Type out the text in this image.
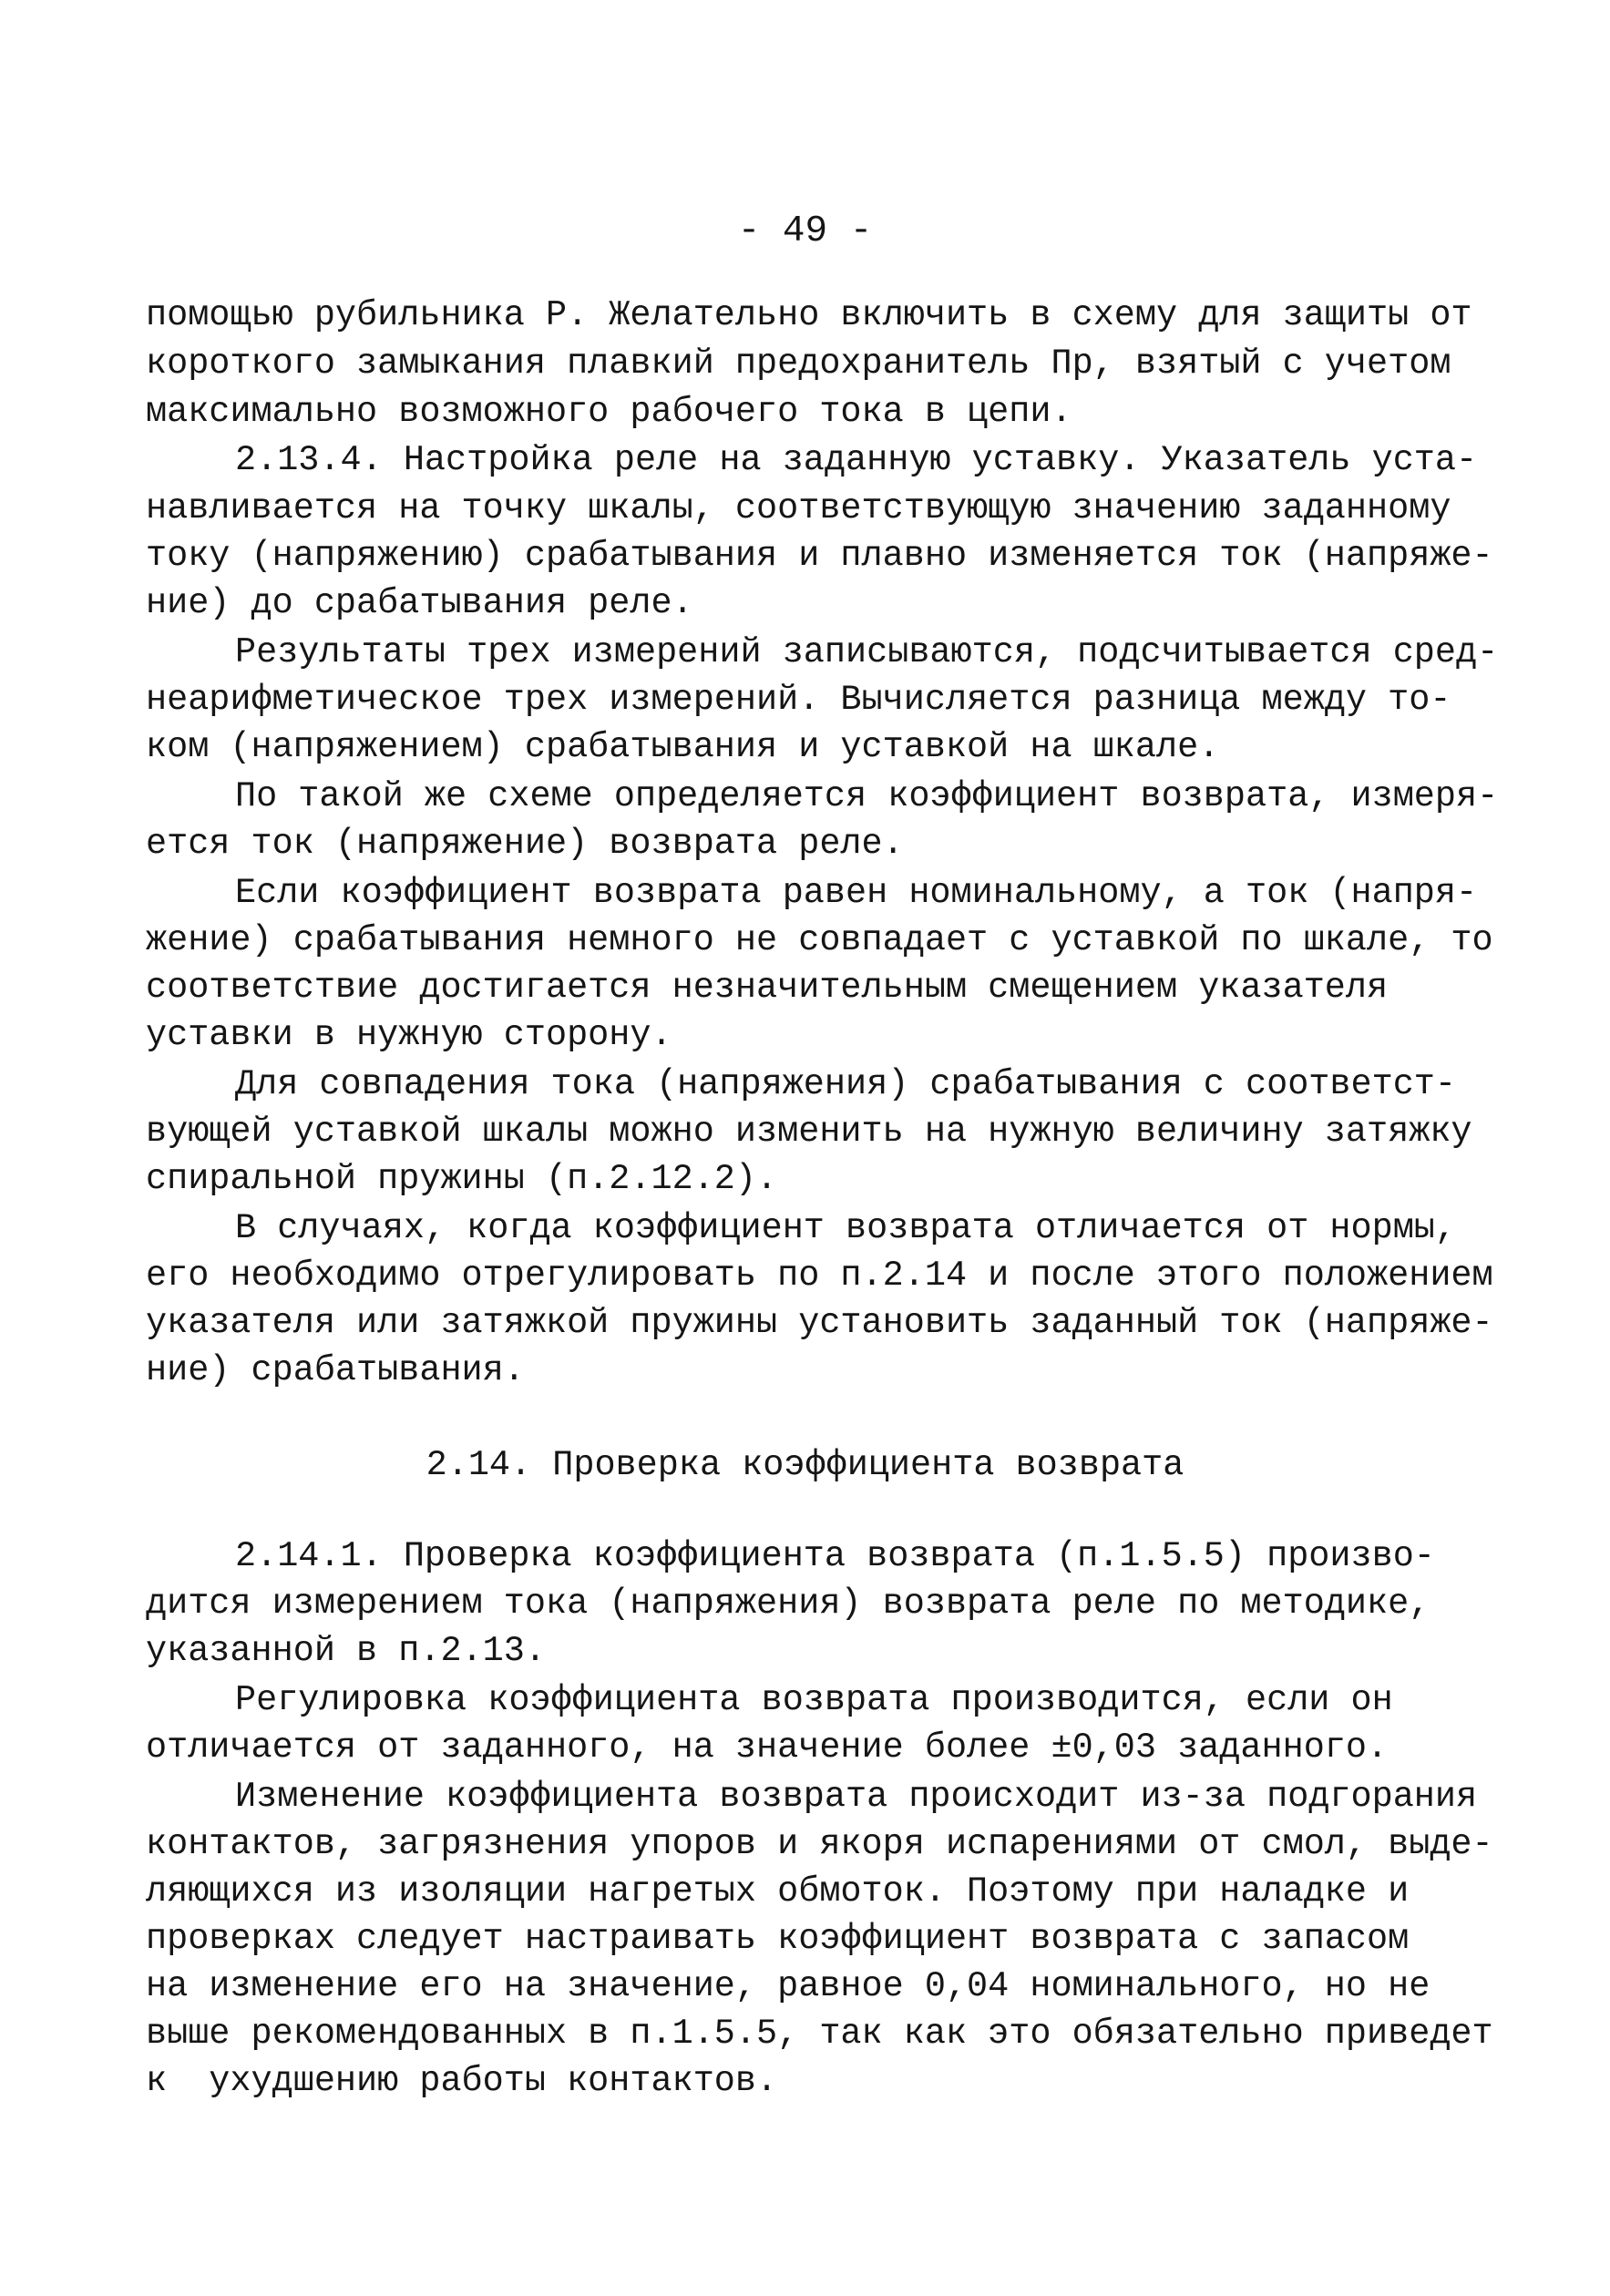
- 49 -
помощью рубильника Р. Желательно включить в схему для защиты от
короткого замыкания плавкий предохранитель Пр, взятый с учетом
максимально возможного рабочего тока в цепи.
2.13.4. Настройка реле на заданную уставку. Указатель уста-
навливается на точку шкалы, соответствующую значению заданному
току (напряжению) срабатывания и плавно изменяется ток (напряже-
ние) до срабатывания реле.
Результаты трех измерений записываются, подсчитывается сред-
неарифметическое трех измерений. Вычисляется разница между то-
ком (напряжением) срабатывания и уставкой на шкале.
По такой же схеме определяется коэффициент возврата, измеря-
ется ток (напряжение) возврата реле.
Если коэффициент возврата равен номинальному, а ток (напря-
жение) срабатывания немного не совпадает с уставкой по шкале, то
соответствие достигается незначительным смещением указателя
уставки в нужную сторону.
Для совпадения тока (напряжения) срабатывания с соответст-
вующей уставкой шкалы можно изменить на нужную величину затяжку
спиральной пружины (п.2.12.2).
В случаях, когда коэффициент возврата отличается от нормы,
его необходимо отрегулировать по п.2.14 и после этого положением
указателя или затяжкой пружины установить заданный ток (напряже-
ние) срабатывания.
2.14. Проверка коэффициента возврата
2.14.1. Проверка коэффициента возврата (п.1.5.5) произво-
дится измерением тока (напряжения) возврата реле по методике,
указанной в п.2.13.
Регулировка коэффициента возврата производится, если он
отличается от заданного, на значение более ±0,03 заданного.
Изменение коэффициента возврата происходит из-за подгорания
контактов, загрязнения упоров и якоря испарениями от смол, выде-
ляющихся из изоляции нагретых обмоток. Поэтому при наладке и
проверках следует настраивать коэффициент возврата с запасом
на изменение его на значение, равное 0,04 номинального, но не
выше рекомендованных в п.1.5.5, так как это обязательно приведет
к  ухудшению работы контактов.
